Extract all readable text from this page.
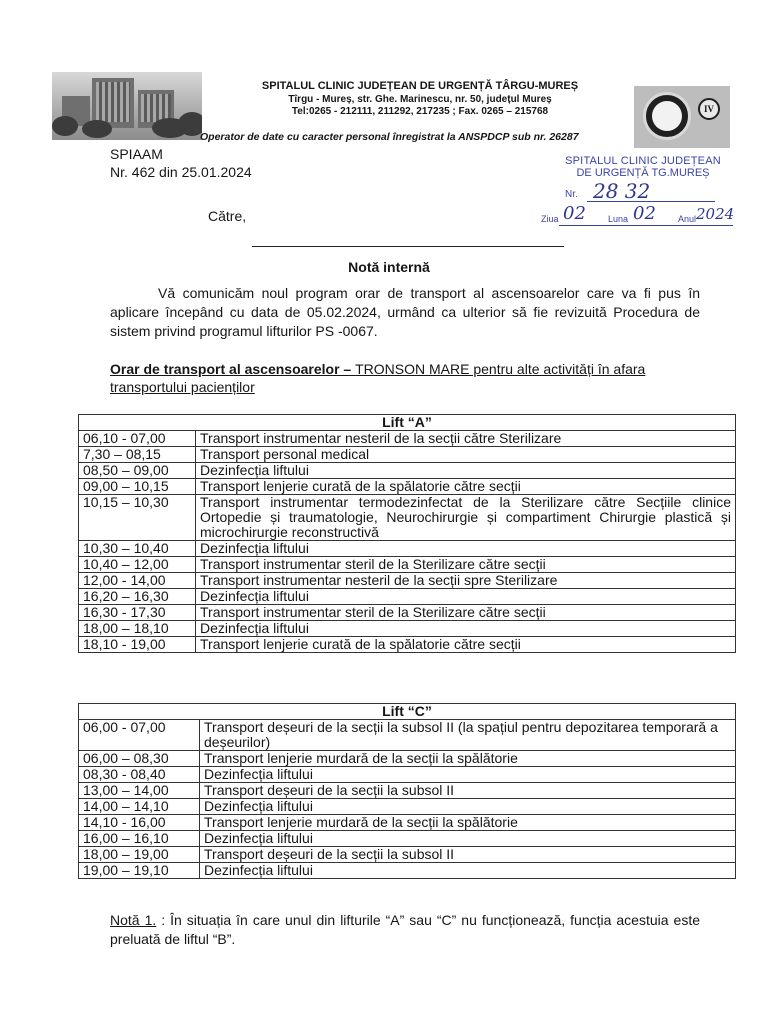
SPITALUL CLINIC JUDEȚEAN DE URGENȚĂ TÂRGU-MUREȘ
Tîrgu - Mureș, str. Ghe. Marinescu, nr. 50, județul Mureș
Tel:0265 - 212111, 211292, 217235 ; Fax. 0265 – 215768
Operator de date cu caracter personal înregistrat la ANSPDCP sub nr. 26287
IV
SPIAAM
Nr. 462 din 25.01.2024
Către,
SPITALUL CLINIC JUDEȚEAN
DE URGENȚĂ TG.MUREȘ
Nr. 28 32
Ziua 02 Luna 02 Anul 2024
Notă internă
Vă comunicăm noul program orar de transport al ascensoarelor care va fi pus în aplicare începând cu data de 05.02.2024, urmând ca ulterior să fie revizuită Procedura de sistem privind programul lifturilor PS -0067.
Orar de transport al ascensoarelor – TRONSON MARE pentru alte activități în afara transportului pacienților
Lift “A”	
06,10 - 07,00	Transport instrumentar nesteril de la secții către Sterilizare
7,30 – 08,15	Transport personal medical
08,50 – 09,00	Dezinfecția liftului
09,00 – 10,15	Transport lenjerie curată de la spălatorie către secții
10,15 – 10,30	Transport instrumentar termodezinfectat de la Sterilizare către Secțiile clinice Ortopedie și traumatologie, Neurochirurgie și compartiment Chirurgie plastică și microchirurgie reconstructivă
10,30 – 10,40	Dezinfecția liftului
10,40 – 12,00	Transport instrumentar steril de la Sterilizare către secții
12,00 - 14,00	Transport instrumentar nesteril de la secții spre Sterilizare
16,20 – 16,30	Dezinfecția liftului
16,30 - 17,30	Transport instrumentar steril de la Sterilizare către secții
18,00 – 18,10	Dezinfecția liftului
18,10 - 19,00	Transport lenjerie curată de la spălatorie către secții
Lift “C”	
06,00 - 07,00	Transport deșeuri de la secții la subsol II (la spațiul pentru depozitarea temporară a deșeurilor)
06,00 – 08,30	Transport lenjerie murdară de la secții la spălătorie
08,30 - 08,40	Dezinfecția liftului
13,00 – 14,00	Transport deșeuri de la secții la subsol II
14,00 – 14,10	Dezinfecția liftului
14,10 - 16,00	Transport lenjerie murdară de la secții la spălătorie
16,00 – 16,10	Dezinfecția liftului
18,00 – 19,00	Transport deșeuri de la secții la subsol II
19,00 – 19,10	Dezinfecția liftului
Notă 1. : În situația în care unul din lifturile “A” sau “C” nu funcționează, funcția acestuia este preluată de liftul “B”.
